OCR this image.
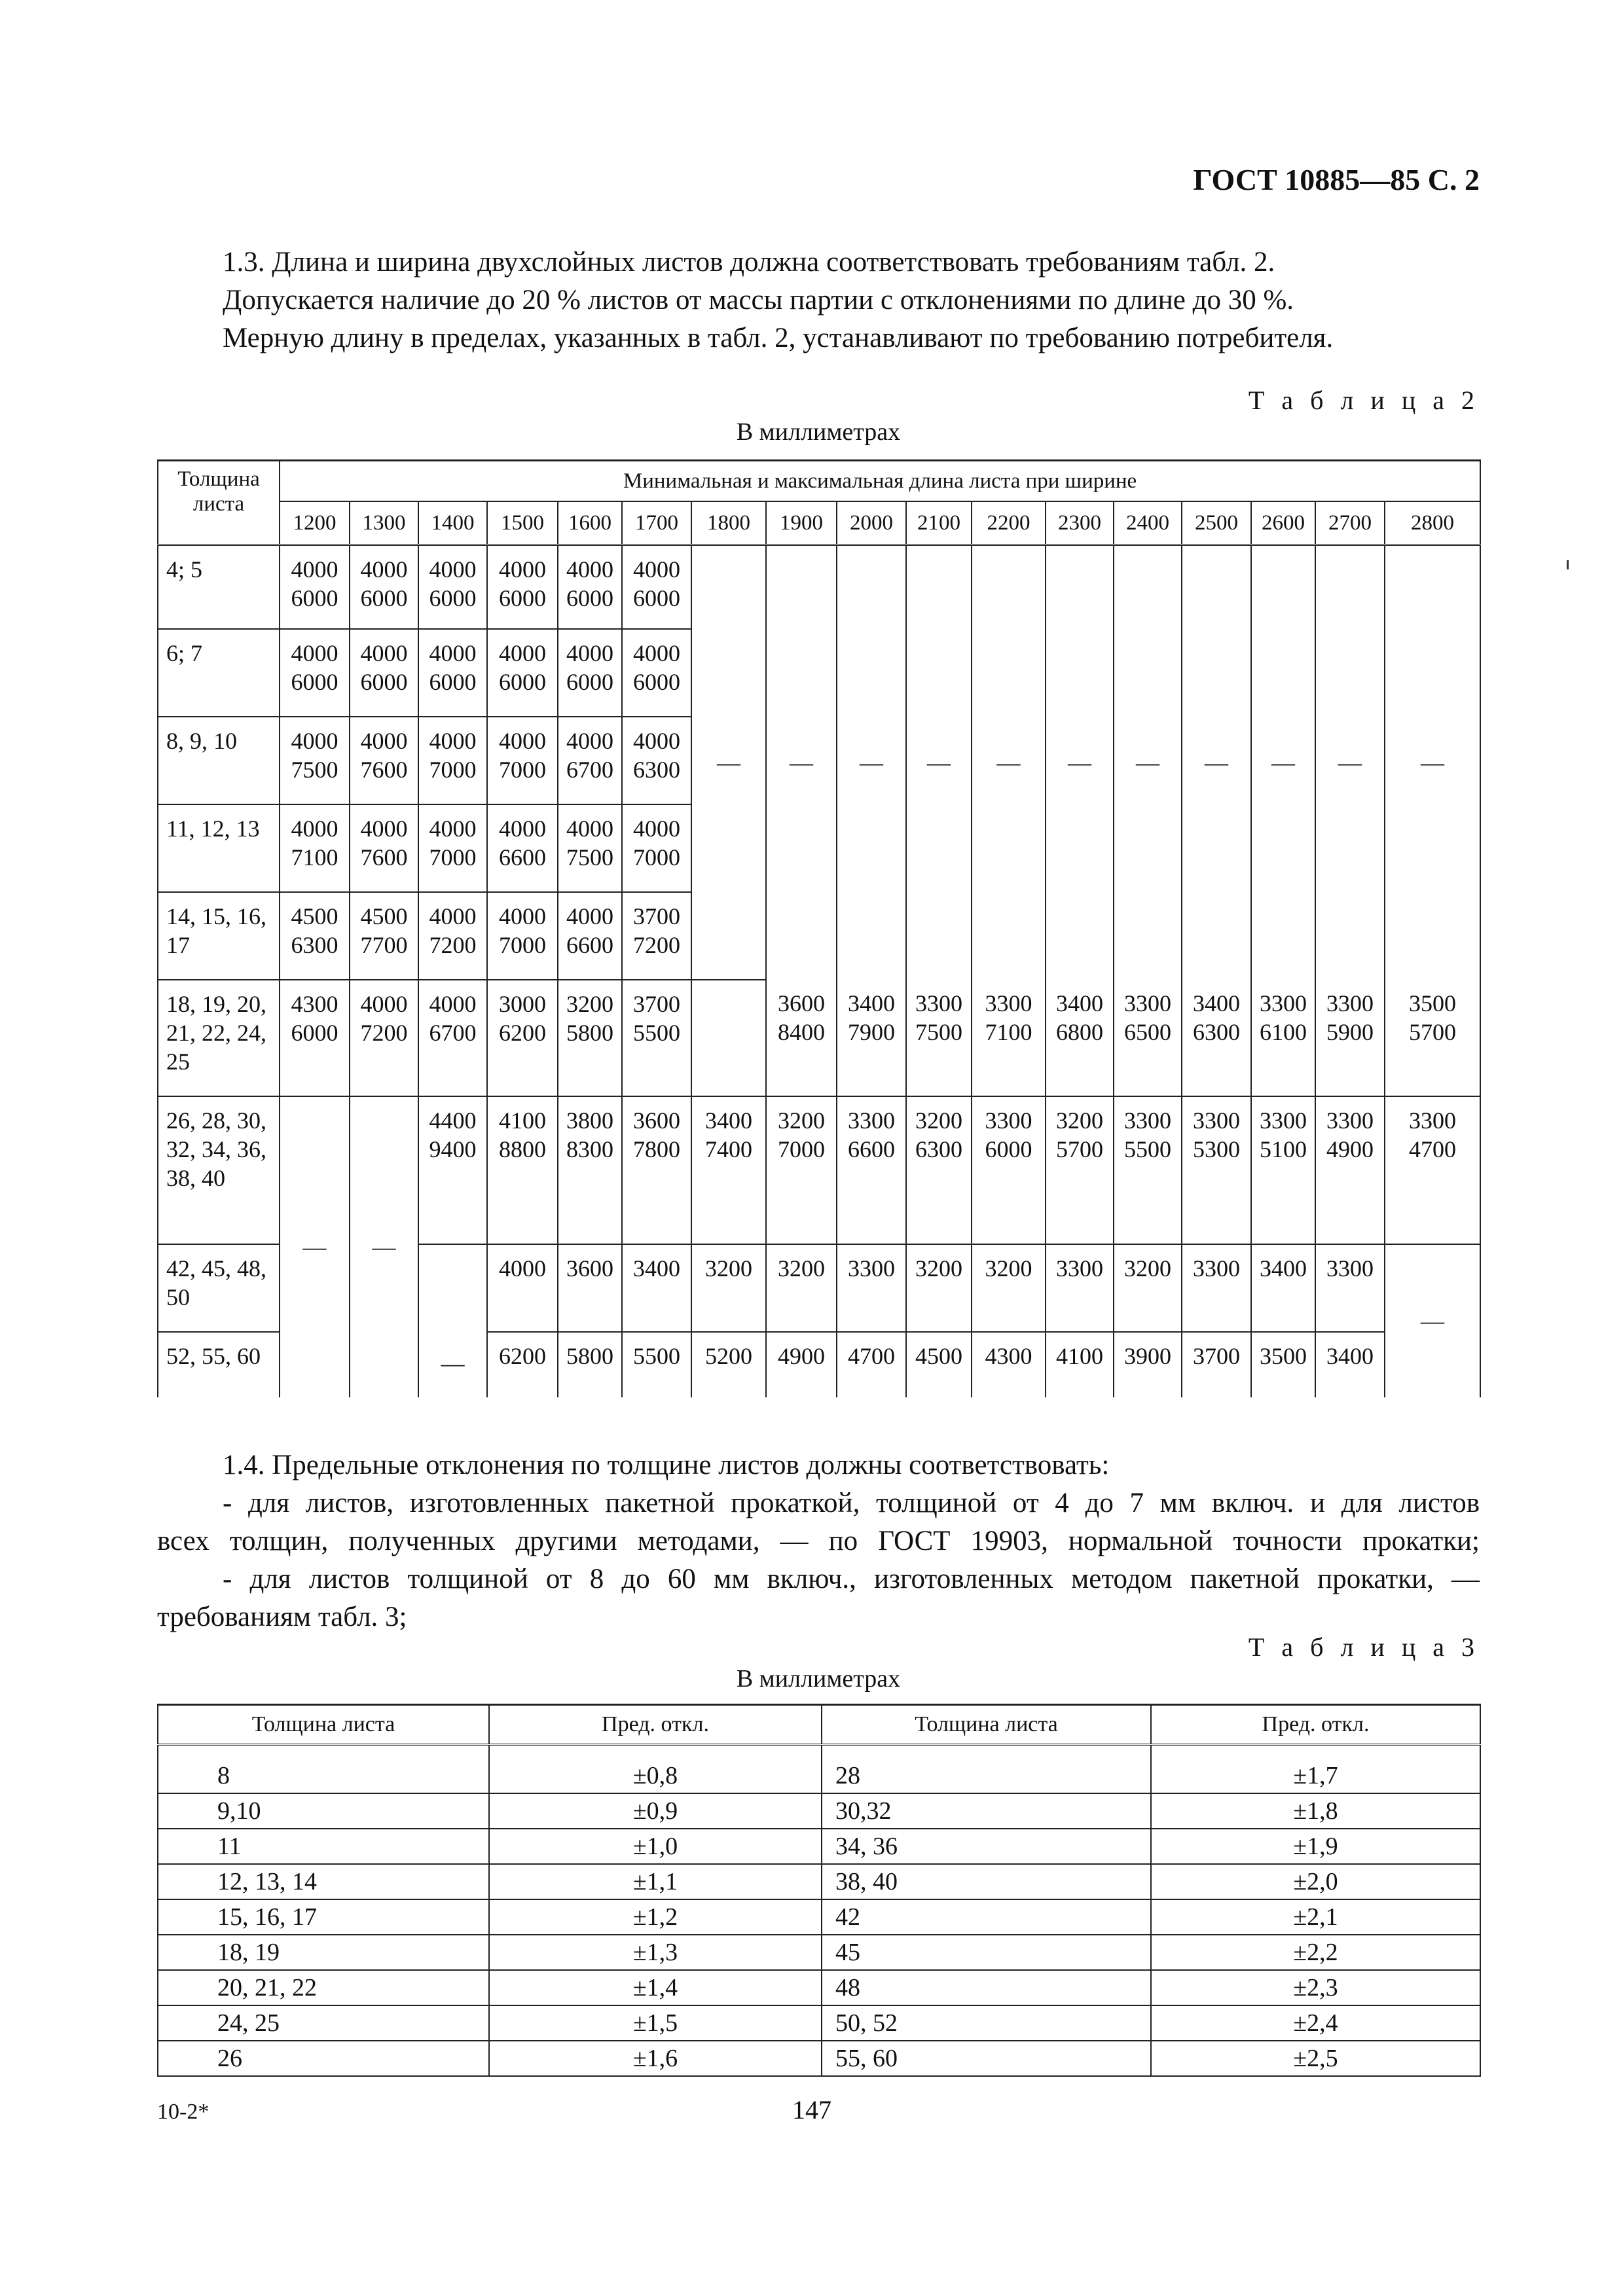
ГОСТ 10885—85 С. 2

1.3. Длина и ширина двухслойных листов должна соответствовать требованиям табл. 2.

Допускается наличие до 20 % листов от массы партии с отклонениями по длине до 30 %.

Мерную длину в пределах, указанных в табл. 2, устанавливают по требованию потребителя.

Т а б л и ц а 2
В миллиметрах
Толщина листа	Минимальная и максимальная длина листа при ширине																
	1200	1300	1400	1500	1600	1700	1800	1900	2000	2100	2200	2300	2400	2500	2600	2700	2800
4; 5	4000 6000	4000 6000	4000 6000	4000 6000	4000 6000	4000 6000	—	—	—	—	—	—	—	—	—	—	—
6; 7	4000 6000	4000 6000	4000 6000	4000 6000	4000 6000	4000 6000											
8, 9, 10	4000 7500	4000 7600	4000 7000	4000 7000	4000 6700	4000 6300											
11, 12, 13	4000 7100	4000 7600	4000 7000	4000 6600	4000 7500	4000 7000											
14, 15, 16, 17	4500 6300	4500 7700	4000 7200	4000 7000	4000 6600	3700 7200											
18, 19, 20, 21, 22, 24, 25	4300 6000	4000 7200	4000 6700	3000 6200	3200 5800	3700 5500		3600 8400	3400 7900	3300 7500	3300 7100	3400 6800	3300 6500	3400 6300	3300 6100	3300 5900	3500 5700
26, 28, 30, 32, 34, 36, 38, 40	—	—	4400 9400	4100 8800	3800 8300	3600 7800	3400 7400	3200 7000	3300 6600	3200 6300	3300 6000	3200 5700	3300 5500	3300 5300	3300 5100	3300 4900	3300 4700
42, 45, 48, 50			—	4000	3600	3400	3200	3200	3300	3200	3200	3300	3200	3300	3400	3300	—
52, 55, 60				6200	5800	5500	5200	4900	4700	4500	4300	4100	3900	3700	3500	3400	

1.4. Предельные отклонения по толщине листов должны соответствовать:

- для листов, изготовленных пакетной прокаткой, толщиной от 4 до 7 мм включ. и для листов

всех толщин, полученных другими методами, — по ГОСТ 19903, нормальной точности прокатки;

- для листов толщиной от 8 до 60 мм включ., изготовленных методом пакетной прокатки, —

требованиям табл. 3;

Т а б л и ц а 3
В миллиметрах
Толщина листа	Пред. откл.	Толщина листа	Пред. откл.
8	±0,8	28	±1,7
9,10	±0,9	30,32	±1,8
11	±1,0	34, 36	±1,9
12, 13, 14	±1,1	38, 40	±2,0
15, 16, 17	±1,2	42	±2,1
18, 19	±1,3	45	±2,2
20, 21, 22	±1,4	48	±2,3
24, 25	±1,5	50, 52	±2,4
26	±1,6	55, 60	±2,5
10-2*	147
